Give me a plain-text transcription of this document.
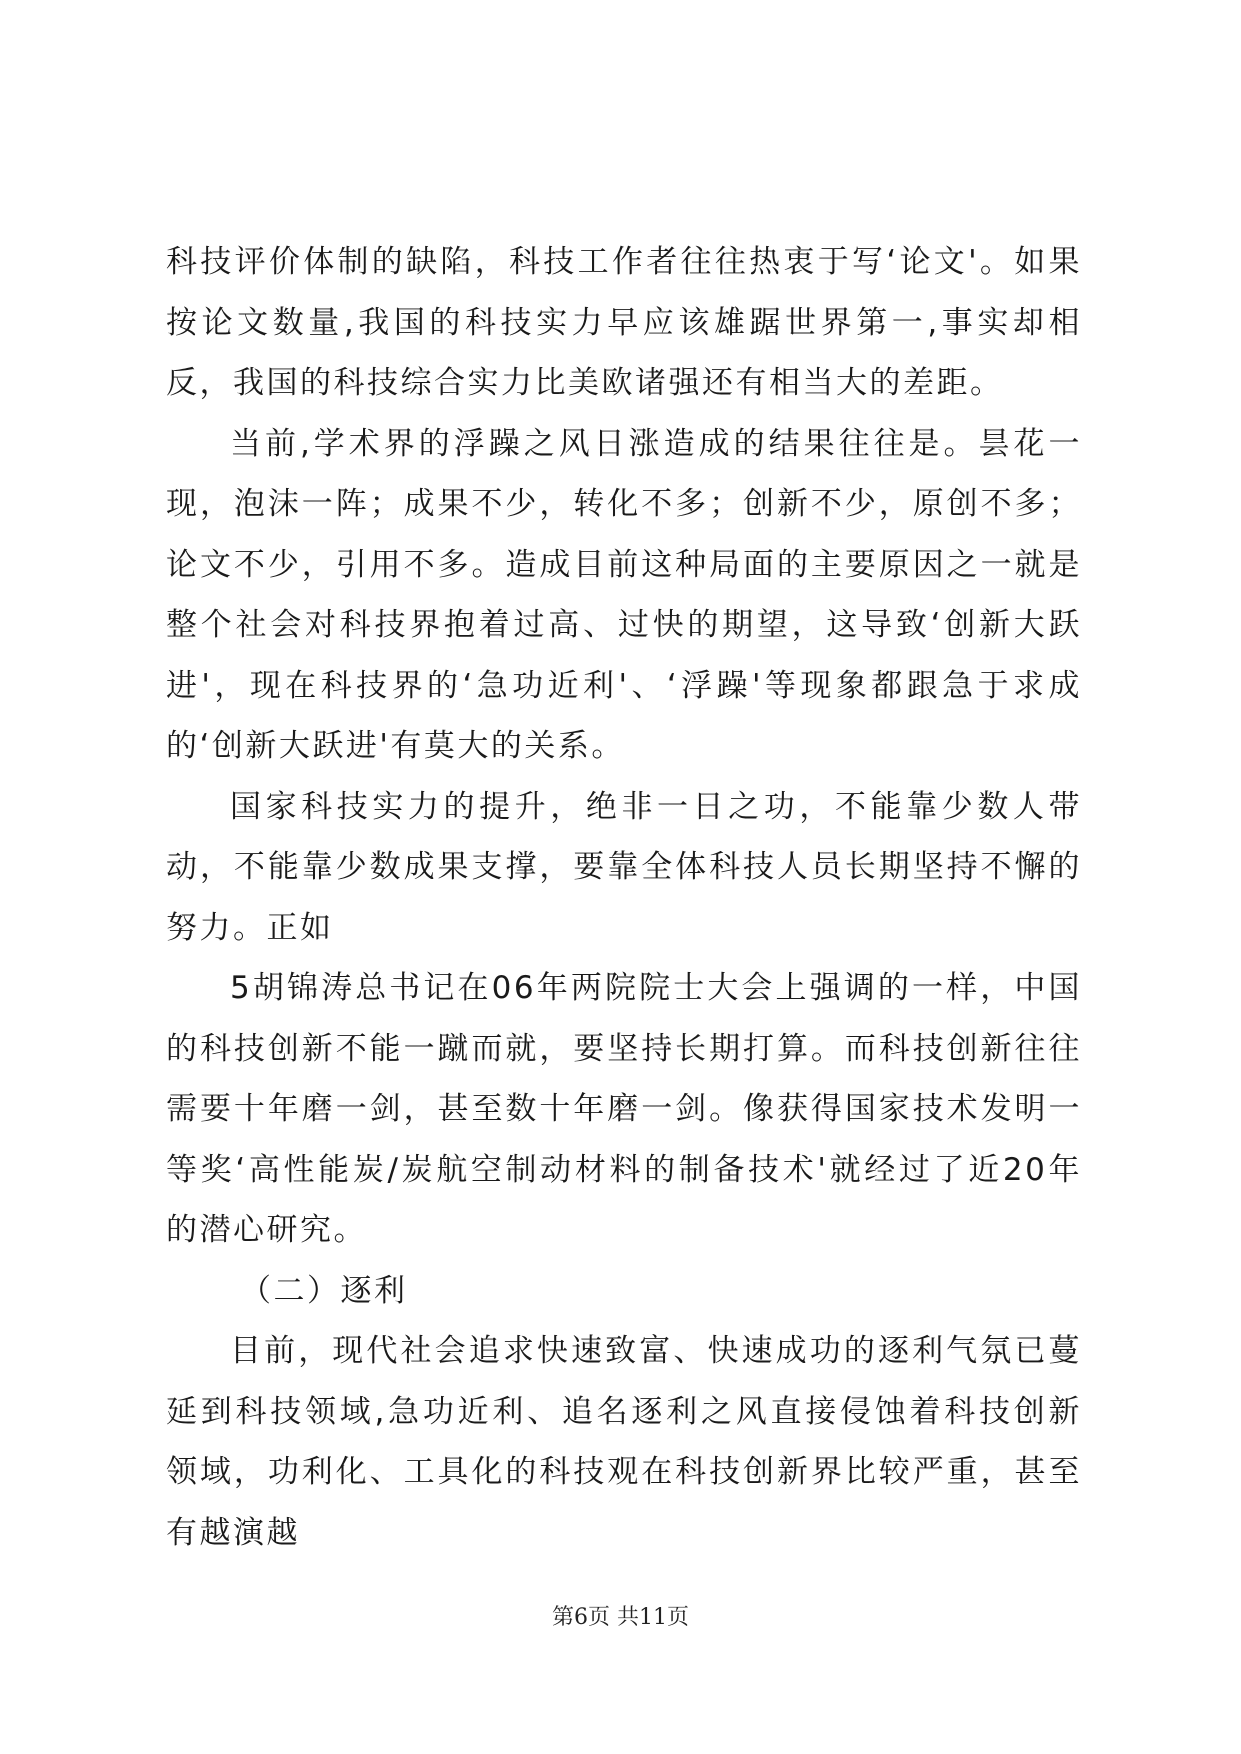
科技评价体制的缺陷，科技工作者往往热衷于写‘论文'。如果按论文数量,我国的科技实力早应该雄踞世界第一,事实却相反，我国的科技综合实力比美欧诸强还有相当大的差距。

当前,学术界的浮躁之风日涨造成的结果往往是。昙花一现，泡沫一阵；成果不少，转化不多；创新不少，原创不多；论文不少，引用不多。造成目前这种局面的主要原因之一就是整个社会对科技界抱着过高、过快的期望，这导致‘创新大跃进'，现在科技界的‘急功近利'、‘浮躁'等现象都跟急于求成的‘创新大跃进'有莫大的关系。

国家科技实力的提升，绝非一日之功，不能靠少数人带动，不能靠少数成果支撑，要靠全体科技人员长期坚持不懈的努力。正如

5胡锦涛总书记在06年两院院士大会上强调的一样，中国的科技创新不能一蹴而就，要坚持长期打算。而科技创新往往需要十年磨一剑，甚至数十年磨一剑。像获得国家技术发明一等奖‘高性能炭/炭航空制动材料的制备技术'就经过了近20年的潜心研究。

（二）逐利

目前，现代社会追求快速致富、快速成功的逐利气氛已蔓延到科技领域,急功近利、追名逐利之风直接侵蚀着科技创新领域，功利化、工具化的科技观在科技创新界比较严重，甚至有越演越

第6页 共11页
